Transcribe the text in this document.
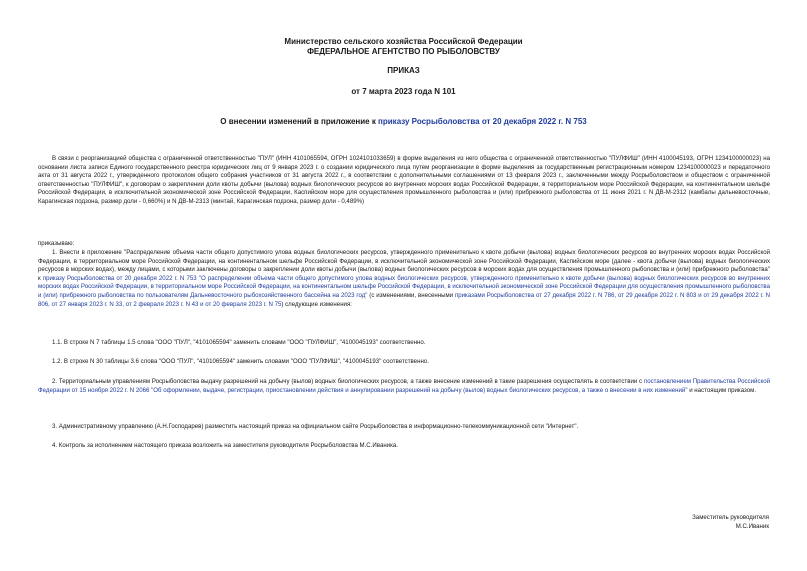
Министерство сельского хозяйства Российской Федерации
ФЕДЕРАЛЬНОЕ АГЕНТСТВО ПО РЫБОЛОВСТВУ
ПРИКАЗ
от 7 марта 2023 года N 101
О внесении изменений в приложение к приказу Росрыболовства от 20 декабря 2022 г. N 753
В связи с реорганизацией общества с ограниченной ответственностью "ПУЛ" (ИНН 4101065594, ОГРН 1024101033659) в форме выделения из него общества с ограниченной ответственностью "ПУЛФИШ" (ИНН 4100045193, ОГРН 1234100000023) на основании листа записи Единого государственного реестра юридических лиц от 9 января 2023 г. о создании юридического лица путем реорганизации в форме выделения за государственным регистрационным номером 1234100000023 и передаточного акта от 31 августа 2022 г., утвержденного протоколом общего собрания участников от 31 августа 2022 г., в соответствии с дополнительными соглашениями от 13 февраля 2023 г., заключенными между Росрыболовством и обществом с ограниченной ответственностью "ПУЛФИШ", к договорам о закреплении доли квоты добычи (вылова) водных биологических ресурсов во внутренних морских водах Российской Федерации, в территориальном море Российской Федерации, на континентальном шельфе Российской Федерации, в исключительной экономической зоне Российской Федерации, Каспийском море для осуществления промышленного рыболовства и (или) прибрежного рыболовства от 11 июня 2021 г. N ДВ-М-2312 (камбалы дальневосточные, Карагинская подзона, размер доли - 0,660%) и N ДВ-М-2313 (минтай, Карагинская подзона, размер доли - 0,489%)
приказываю:
1. Внести в приложение "Распределение объема части общего допустимого улова водных биологических ресурсов, утвержденного применительно к квоте добычи (вылова) водных биологических ресурсов во внутренних морских водах Российской Федерации, в территориальном море Российской Федерации, на континентальном шельфе Российской Федерации, в исключительной экономической зоне Российской Федерации, Каспийском море (далее - квота добычи (вылова) водных биологических ресурсов в морских водах), между лицами, с которыми заключены договоры о закреплении доли квоты добычи (вылова) водных биологических ресурсов в морских водах для осуществления промышленного рыболовства и (или) прибрежного рыболовства" к приказу Росрыболовства от 20 декабря 2022 г. N 753 "О распределении объема части общего допустимого улова водных биологических ресурсов, утвержденного применительно к квоте добычи (вылова) водных биологических ресурсов во внутренних морских водах Российской Федерации, в территориальном море Российской Федерации, на континентальном шельфе Российской Федерации, в исключительной экономической зоне Российской Федерации для осуществления промышленного рыболовства и (или) прибрежного рыболовства по пользователям Дальневосточного рыбохозяйственного бассейна на 2023 год" (с изменениями, внесенными приказами Росрыболовства от 27 декабря 2022 г. N 786, от 29 декабря 2022 г. N 803 и от 29 декабря 2022 г. N 806, от 27 января 2023 г. N 33, от 2 февраля 2023 г. N 43 и от 20 февраля 2023 г. N 75) следующие изменения:
1.1. В строке N 7 таблицы 1.5 слова "ООО "ПУЛ", "4101065594" заменить словами "ООО "ПУЛФИШ", "4100045193" соответственно.
1.2. В строке N 30 таблицы 3.6 слова "ООО "ПУЛ", "4101065594" заменить словами "ООО "ПУЛФИШ", "4100045193" соответственно.
2. Территориальным управлениям Росрыболовства выдачу разрешений на добычу (вылов) водных биологических ресурсов, а также внесение изменений в такие разрешения осуществлять в соответствии с постановлением Правительства Российской Федерации от 15 ноября 2022 г. N 2066 "Об оформлении, выдаче, регистрации, приостановлении действия и аннулировании разрешений на добычу (вылов) водных биологических ресурсов, а также о внесении в них изменений" и настоящим приказом.
3. Административному управлению (А.Н.Господарев) разместить настоящий приказ на официальном сайте Росрыболовства в информационно-телекоммуникационной сети "Интернет".
4. Контроль за исполнением настоящего приказа возложить на заместителя руководителя Росрыболовства М.С.Иваника.
Заместитель руководителя
М.С.Иваник
